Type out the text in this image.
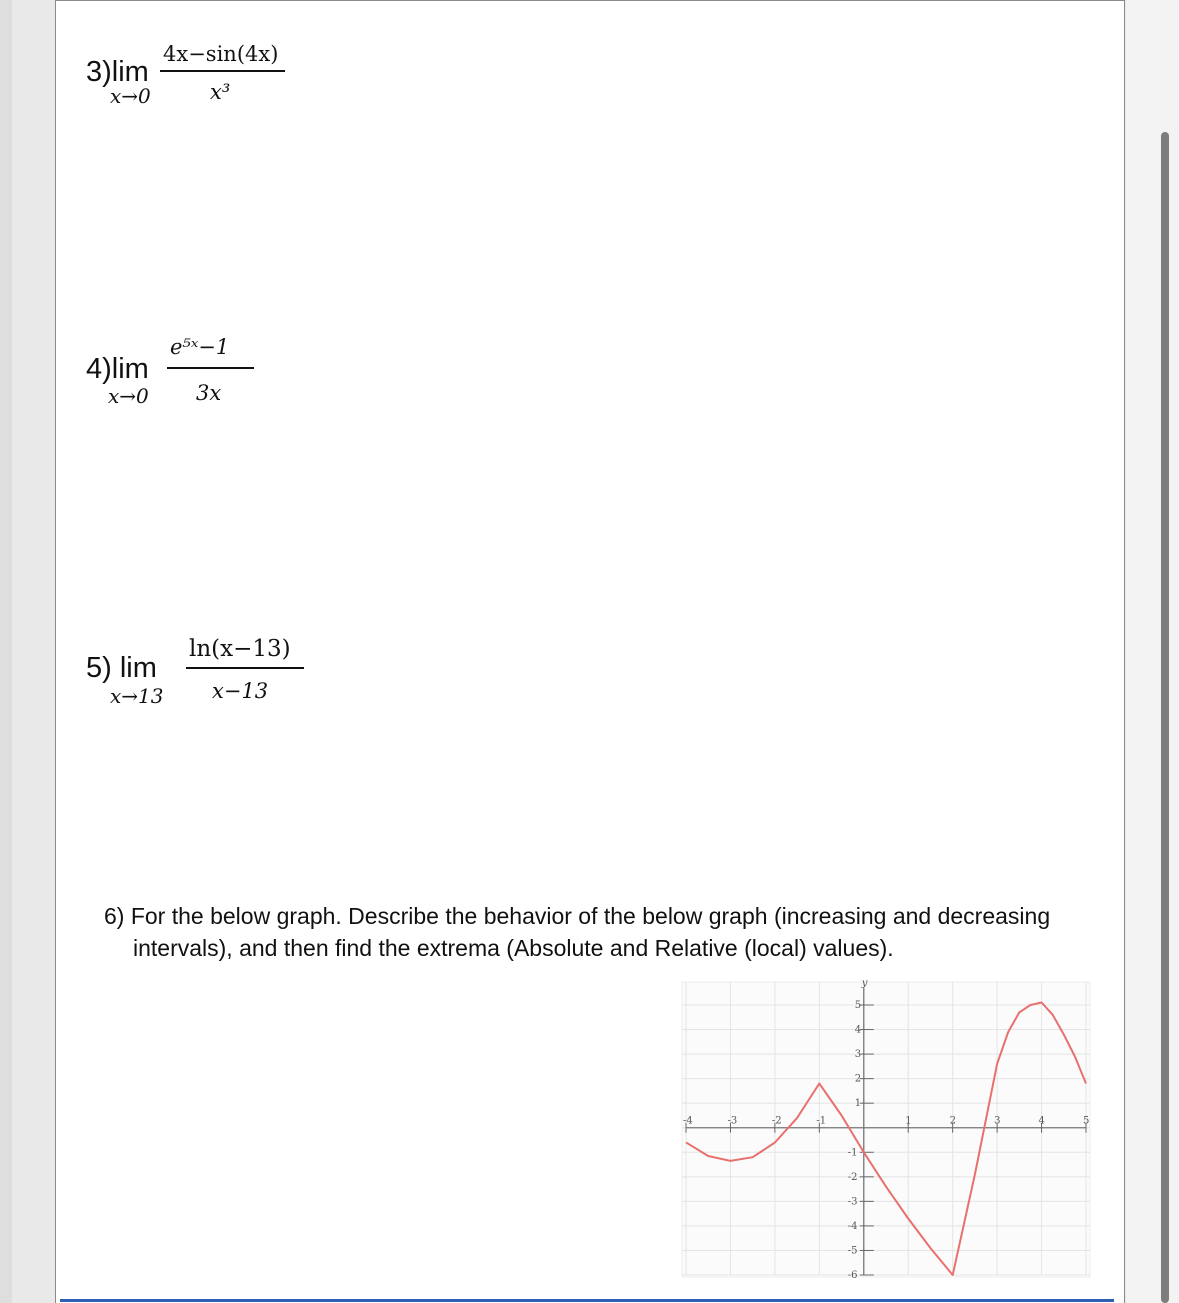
3)lim
x→0
4x−sin(4x)
x³
4)lim
x→0
e⁵ˣ−1
3x
5) lim
x→13
ln(x−13)
x−13
6) For the below graph. Describe the behavior of the below graph (increasing and decreasing
intervals), and then find the extrema (Absolute and Relative (local) values).
y
-4	-3	-2	-1	1	2	3	4	5
5
4
3
2
1
-1
-2
-3
-4
-5
-6
